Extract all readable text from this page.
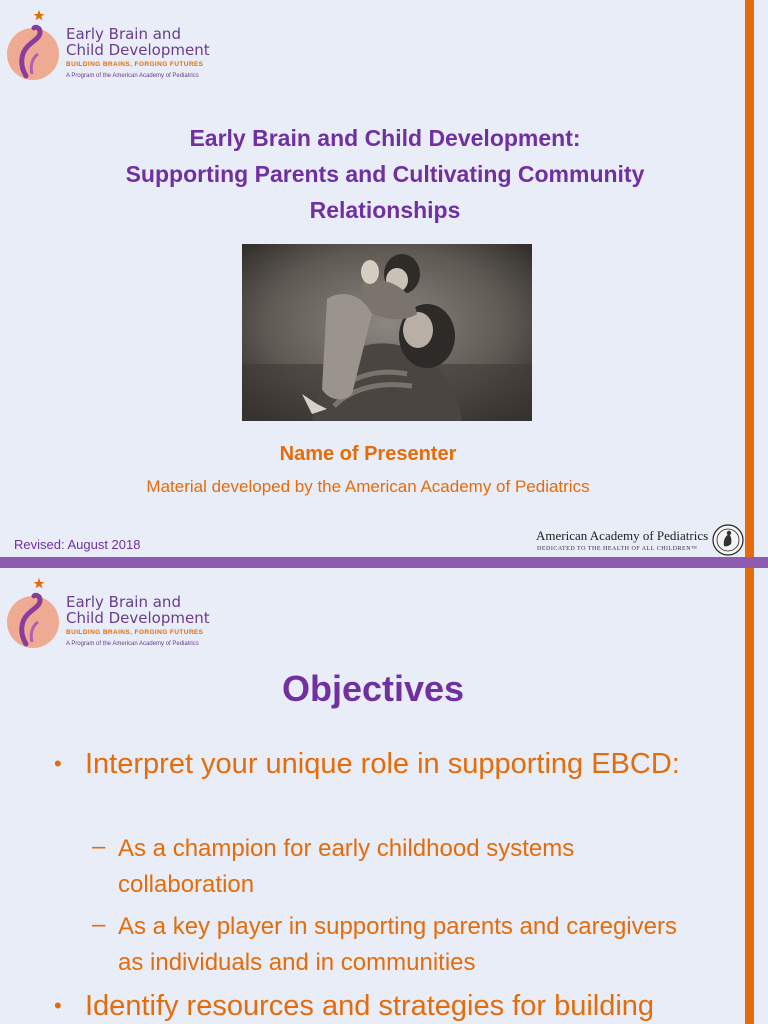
Early Brain and
Child Development
BUILDING BRAINS, FORGING FUTURES
A Program of the American Academy of Pediatrics
Early Brain and Child Development:
Supporting Parents and Cultivating Community
Relationships
Name of Presenter
Material developed by the American Academy of Pediatrics
Revised: August 2018
American Academy of Pediatrics
DEDICATED TO THE HEALTH OF ALL CHILDREN™
Early Brain and
Child Development
BUILDING BRAINS, FORGING FUTURES
A Program of the American Academy of Pediatrics
Objectives
• Interpret your unique role in supporting EBCD:
– As a champion for early childhood systems collaboration
– As a key player in supporting parents and caregivers as individuals and in communities
• Identify resources and strategies for building
